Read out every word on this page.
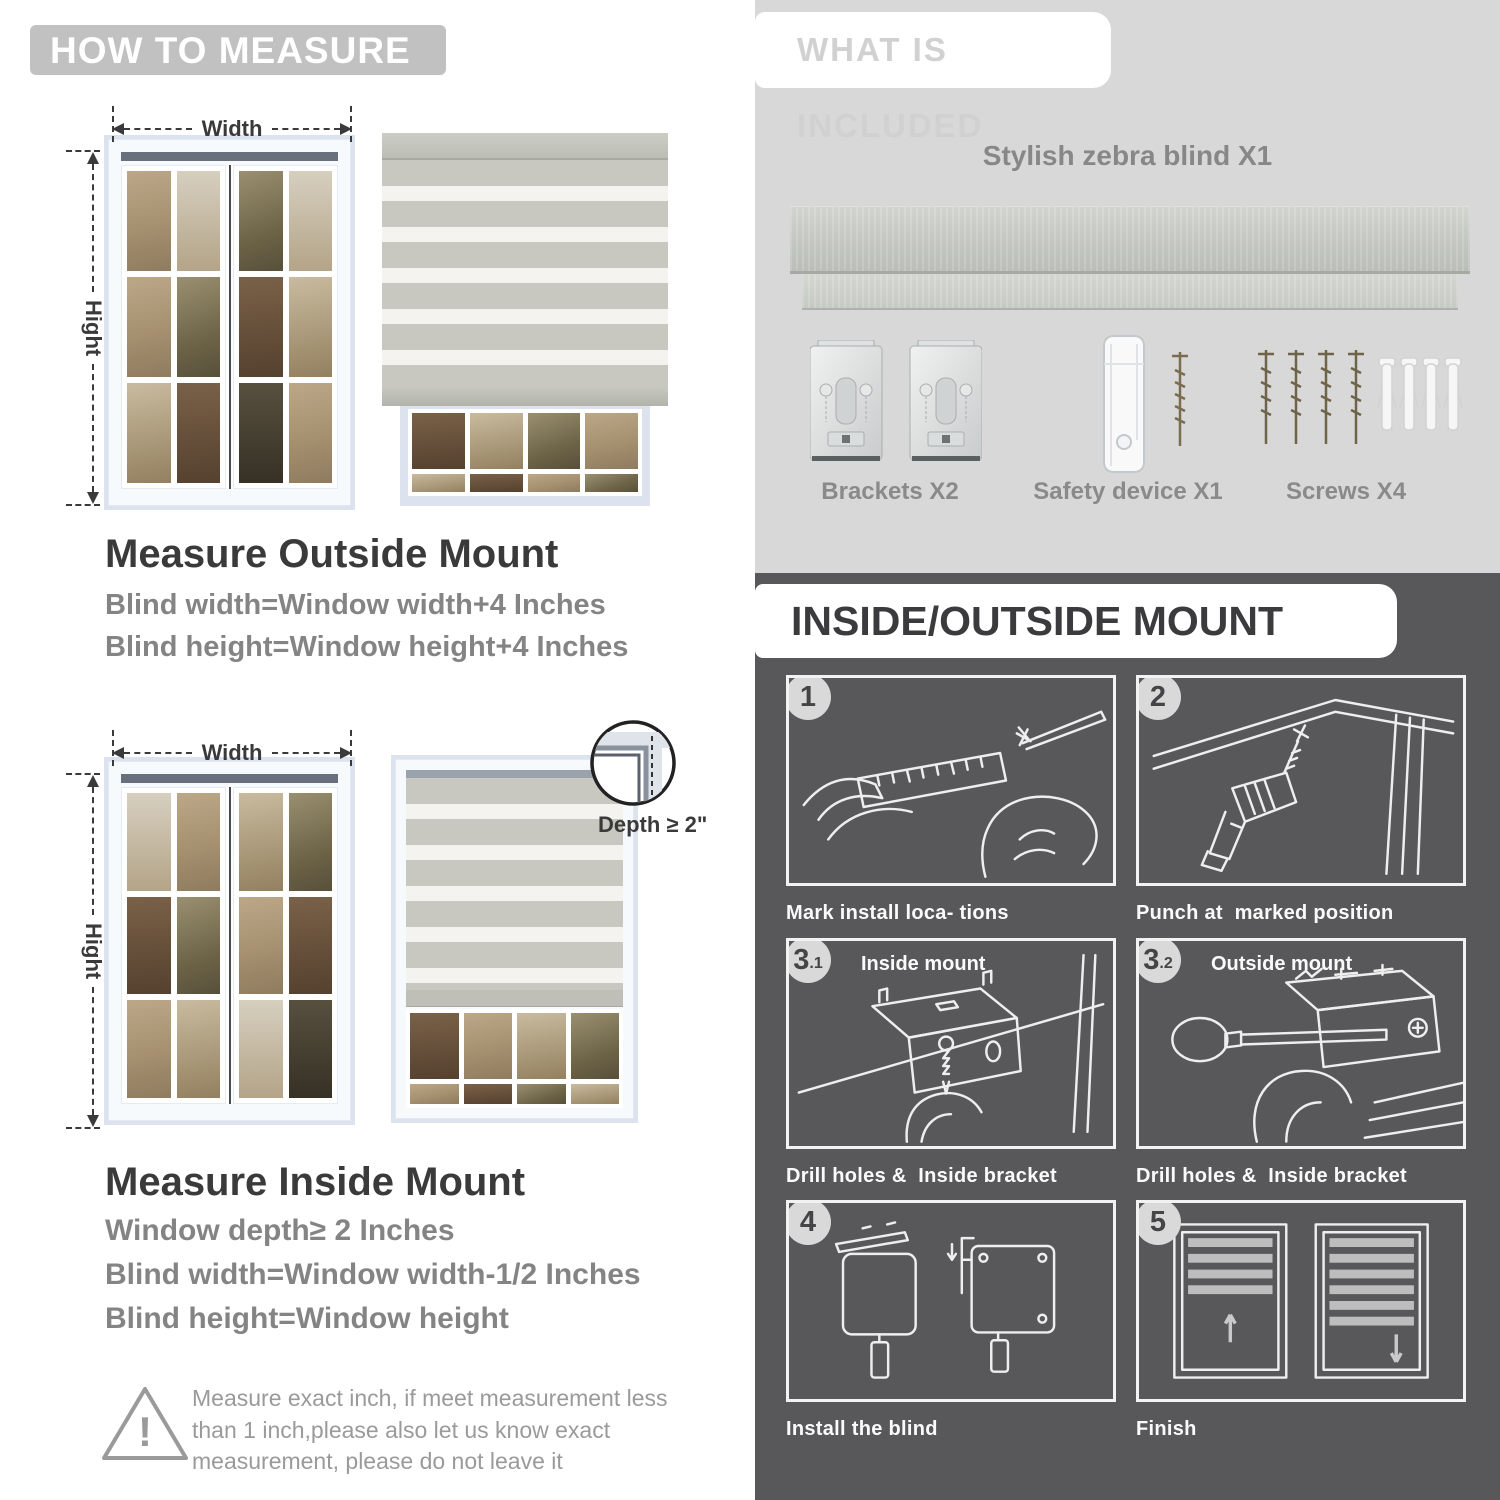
HOW TO MEASURE
Width
Hight
Measure Outside Mount
Blind width=Window width+4 Inches
Blind height=Window height+4 Inches
Width
Hight
Depth ≥ 2"
Measure Inside Mount
Window depth≥ 2 Inches
Blind width=Window width-1/2 Inches
Blind height=Window height
!
Measure exact inch, if meet measurement less than 1 inch,please also let us know exact measurement, please do not leave it
WHAT IS INCLUDED
Stylish zebra blind X1
Brackets X2	Safety device X1	Screws X4
INSIDE/OUTSIDE MOUNT
1
Mark install loca- tions
2
Punch at  marked position
3 .1 Inside mount
Drill holes &  Inside bracket
3 .2 Outside mount
Drill holes &  Inside bracket
4
Install the blind
5
Finish
